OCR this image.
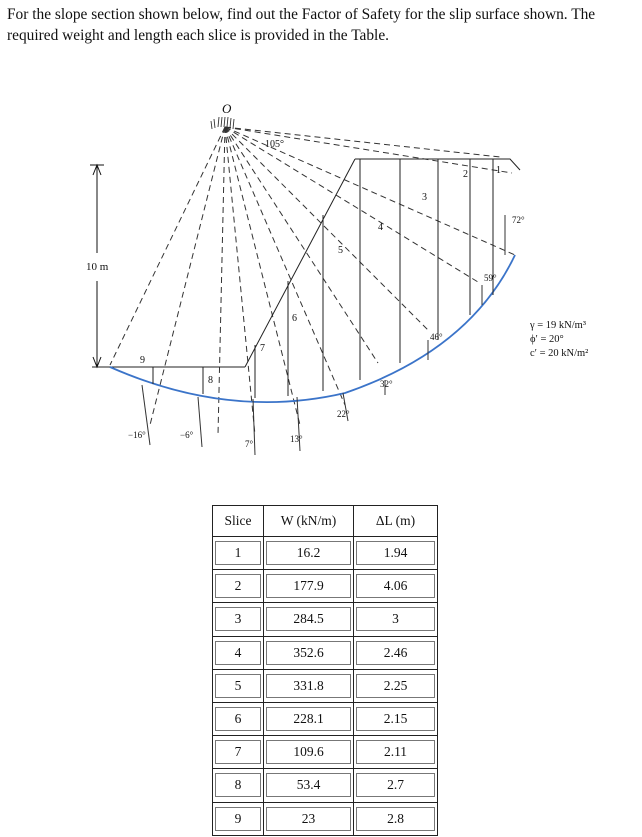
For the slope section shown below, find out the Factor of Safety for the slip surface shown. The required weight and length each slice is provided in the Table.

O
105°
10 m
1
2
3
4
5
6
7
8
9
72°
59°
46°
32°
22°
13°
7°
−6°
−16°
γ = 19 kN/m³
ϕ′ = 20°
c′ = 20 kN/m²
Slice	W (kN/m)	ΔL (m)

1	16.2	1.94

2	177.9	4.06

3	284.5	3

4	352.6	2.46

5	331.8	2.25

6	228.1	2.15

7	109.6	2.11

8	53.4	2.7

9	23	2.8
